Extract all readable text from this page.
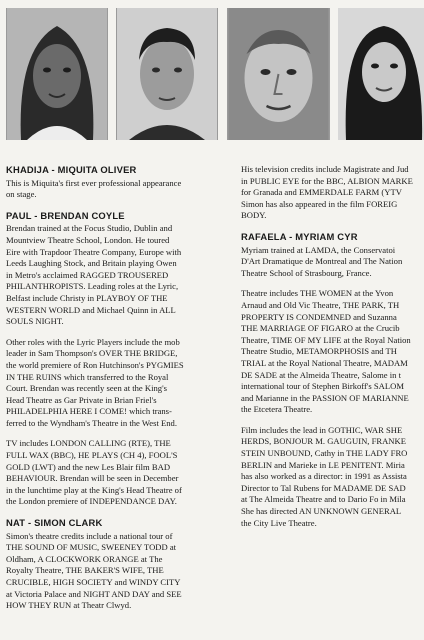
KHADIJA - MIQUITA OLIVER

This is Miquita's first ever professional appearance

on stage.

PAUL - BRENDAN COYLE

Brendan trained at the Focus Studio, Dublin and

Mountview Theatre School, London. He toured

Eire with Trapdoor Theatre Company, Europe with

Leeds Laughing Stock, and Britain playing Owen

in Metro's acclaimed RAGGED TROUSERED

PHILANTHROPISTS. Leading roles at the Lyric,

Belfast include Christy in PLAYBOY OF THE

WESTERN WORLD and Michael Quinn in ALL

SOULS NIGHT.

Other roles with the Lyric Players include the mob

leader in Sam Thompson's OVER THE BRIDGE,

the world premiere of Ron Hutchinson's PYGMIES

IN THE RUINS which transferred to the Royal

Court. Brendan was recently seen at the King's

Head Theatre as Gar Private in Brian Friel's

PHILADELPHIA HERE I COME! which trans-

ferred to the Wyndham's Theatre in the West End.

TV includes LONDON CALLING (RTE), THE

FULL WAX (BBC), HE PLAYS (CH 4), FOOL'S

GOLD (LWT) and the new Les Blair film BAD

BEHAVIOUR. Brendan will be seen in December

in the lunchtime play at the King's Head Theatre of

the London premiere of INDEPENDANCE DAY.

NAT - SIMON CLARK

Simon's theatre credits include a national tour of

THE SOUND OF MUSIC, SWEENEY TODD at

Oldham, A CLOCKWORK ORANGE at The

Royalty Theatre, THE BAKER'S WIFE, THE

CRUCIBLE, HIGH SOCIETY and WINDY CITY

at Victoria Palace and NIGHT AND DAY and SEE

HOW THEY RUN at Theatr Clwyd.

His television credits include Magistrate and Jud

in PUBLIC EYE for the BBC, ALBION MARKE

for Granada and EMMERDALE FARM (YTV

Simon has also appeared in the film FOREIG

BODY.

RAFAELA - MYRIAM CYR

Myriam trained at LAMDA, the Conservatoi

D'Art Dramatique de Montreal and The Nation

Theatre School of Strasbourg, France.

Theatre includes THE WOMEN at the Yvon

Arnaud and Old Vic Theatre, THE PARK, TH

PROPERTY IS CONDEMNED and Suzanna

THE MARRIAGE OF FIGARO at the Crucib

Theatre, TIME OF MY LIFE at the Royal Nation

Theatre Studio, METAMORPHOSIS and TH

TRIAL at the Royal National Theatre, MADAM

DE SADE at the Almeida Theatre, Salome in t

international tour of Stephen Birkoff's SALOM

and Marianne in the PASSION OF MARIANNE

the Etcetera Theatre.

Film includes the lead in GOTHIC, WAR SHE

HERDS, BONJOUR M. GAUGUIN, FRANKE

STEIN UNBOUND, Cathy in THE LADY FRO

BERLIN and Marieke in LE PENITENT. Miria

has also worked as a director: in 1991 as Assista

Director to Tal Rubens for MADAME DE SAD

at The Almeida Theatre and to Dario Fo in Mila

She has directed AN UNKNOWN GENERAL

the City Live Theatre.
